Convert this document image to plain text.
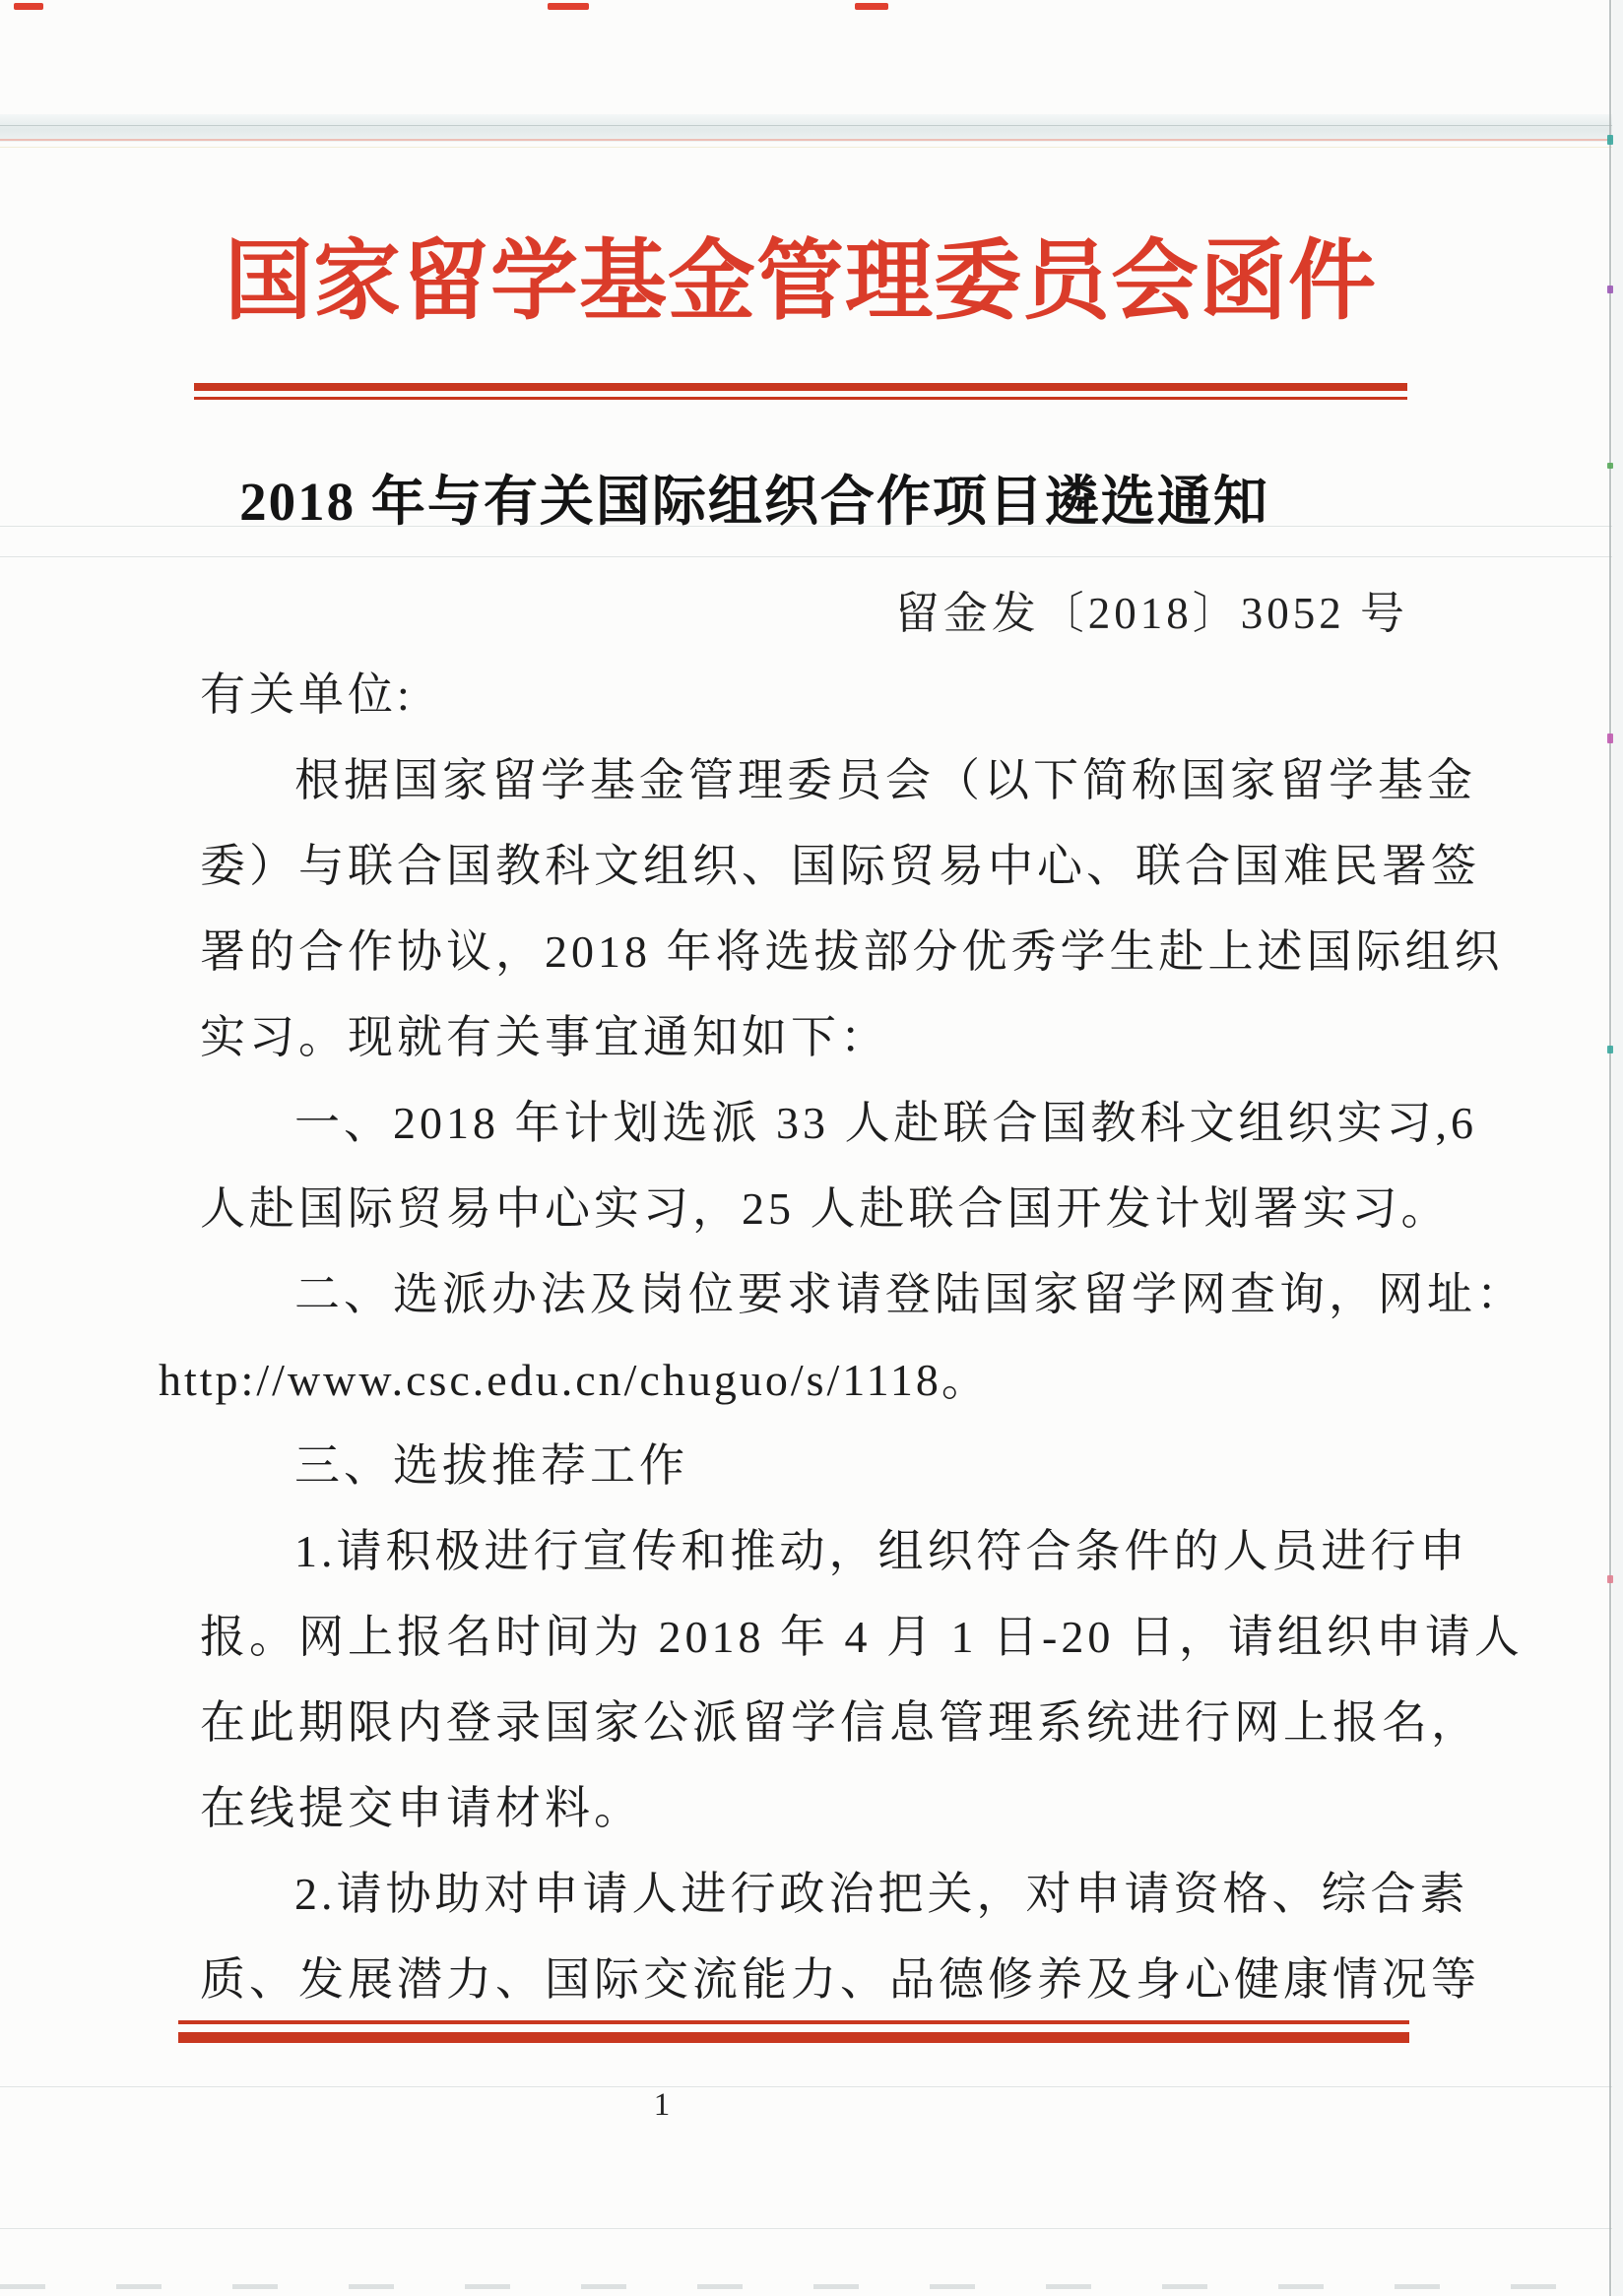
国家留学基金管理委员会函件
2018 年与有关国际组织合作项目遴选通知
留金发〔2018〕3052 号
有关单位:
根据国家留学基金管理委员会（以下简称国家留学基金
委）与联合国教科文组织、国际贸易中心、联合国难民署签
署的合作协议，2018 年将选拔部分优秀学生赴上述国际组织
实习。现就有关事宜通知如下：
一、2018 年计划选派 33 人赴联合国教科文组织实习,6
人赴国际贸易中心实习，25 人赴联合国开发计划署实习。
二、选派办法及岗位要求请登陆国家留学网查询，网址：
http://www.csc.edu.cn/chuguo/s/1118。
三、选拔推荐工作
1.请积极进行宣传和推动，组织符合条件的人员进行申
报。网上报名时间为 2018 年 4 月 1 日-20 日，请组织申请人
在此期限内登录国家公派留学信息管理系统进行网上报名，
在线提交申请材料。
2.请协助对申请人进行政治把关，对申请资格、综合素
质、发展潜力、国际交流能力、品德修养及身心健康情况等
1
